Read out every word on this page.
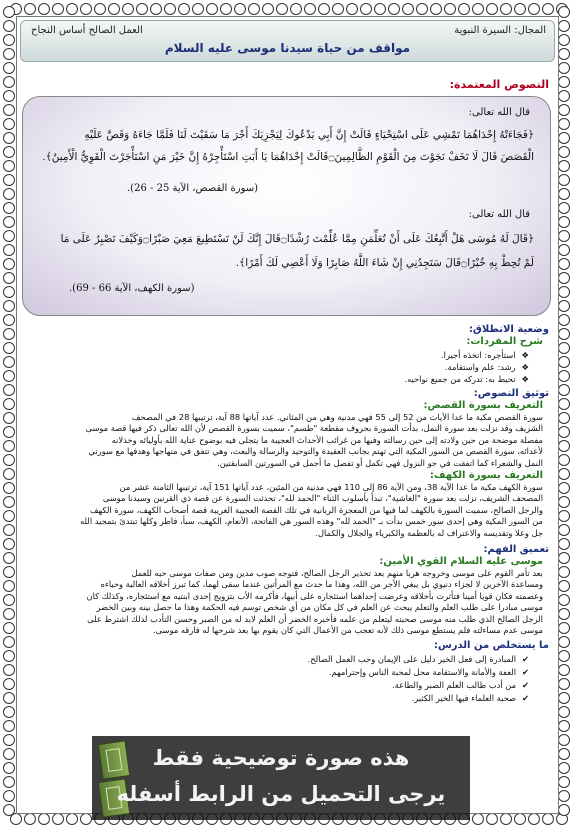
المجال: السيرة النبوية
العمل الصالح أساس النجاح
مواقف من حياة سيدنا موسى عليه السلام
النصوص المعتمدة:
قال الله تعالى:
﴿فَجَاءَتْهُ إِحْدَاهُمَا تَمْشِي عَلَى اسْتِحْيَاءٍ قَالَتْ إِنَّ أَبِي يَدْعُوكَ لِيَجْزِيَكَ أَجْرَ مَا سَقَيْتَ لَنَا فَلَمَّا جَاءَهُ وَقَصَّ عَلَيْهِ
الْقَصَصَ قَالَ لَا تَخَفْ نَجَوْتَ مِنَ الْقَوْمِ الظَّالِمِينَ۝قَالَتْ إِحْدَاهُمَا يَا أَبَتِ اسْتَأْجِرْهُ إِنَّ خَيْرَ مَنِ اسْتَأْجَرْتَ الْقَوِيُّ الْأَمِينُ﴾.
(سورة القصص، الآية 25 - 26).
قال الله تعالى:
﴿قَالَ لَهُ مُوسَى هَلْ أَتَّبِعُكَ عَلَى أَنْ تُعَلِّمَنِ مِمَّا عُلِّمْتَ رُشْدًا۝قَالَ إِنَّكَ لَنْ تَسْتَطِيعَ مَعِيَ صَبْرًا۝وَكَيْفَ تَصْبِرُ عَلَى مَا
لَمْ تُحِطْ بِهِ خُبْرًا۝قَالَ سَتَجِدُنِي إِنْ شَاءَ اللَّهُ صَابِرًا وَلَا أَعْصِي لَكَ أَمْرًا﴾.
(سورة الكهف، الآية 66 - 69).
وضعية الانطلاق:
شرح المفردات:
❖استأجره: اتخذه أجيرا.
❖رشد: علم واستقامة.
❖تحيط به: تدركه من جميع نواحيه.
توثيق النصوص:
التعريف بسورة القصص:
سورة القصص مكية ما عدا الآيات من 52 إلى 55 فهي مدنية وهي من المثاني. عدد آياتها 88 آية، ترتيبها 28 في المصحف
الشريف وقد نزلت بعد سورة النمل، بدأت السورة بحروف مقطعة "طسم"، سميت بسورة القصص لأن الله تعالى ذكر فيها قصة موسى
مفصلة موضحة من حين ولادته إلى حين رسالته وفيها من غرائب الأحداث العجيبة ما يتجلى فيه بوضوح عناية الله بأوليائه وخذلانه
لأعدائه، سورة القصص من السور المكية التي تهتم بجانب العقيدة والتوحيد والرسالة والبعث، وهي تتفق في منهاجها وهدفها مع سورتي
النمل والشعراء كما اتفقت في جو النزول فهي تكمل أو تفصل ما أجمل في السورتين السابقتين.
التعريف بسورة الكهف:
سورة الكهف مكية ما عدا الآية 38، ومن الآية 86 إلى 110 فهي مدنية من المئين، عدد آياتها 151 آية، ترتيبها الثامنة عشر من
المصحف الشريف، نزلت بعد سورة "الغاشية"، تبدأ بأسلوب الثناء "الحمد لله"، تحدثت السورة عن قصة ذي القرنين وسيدنا موسى
والرجل الصالح، سميت السورة بالكهف لما فيها من المعجزة الربانية في تلك القصة العجيبة الغريبة قصة أصحاب الكهف، سورة الكهف
من السور المكية وهي إحدى سور خمس بدأت بـ "الحمد لله" وهذه السور هي الفاتحة، الأنعام، الكهف، سبأ، فاطر وكلها تبتدئ بتمجيد الله
جل وعلا وتقديسه والاعتراف له بالعظمة والكبرياء والجلال والكمال.
تعميق الفهم:
موسى عليه السلام القوي الأمين:
بعد تأمر القوم على موسى وخروجه هربا منهم بعد تحذير الرجل الصالح، فتوجه صوب مدين ومن صفات موسى حبه للعمل
ومساعدة الآخرين لا لجزاء دنيوي بل يبغي الأجر من الله، وهذا ما حدث مع المرأتين عندما سقى لهما، كما تبرز أخلاقه العالية وحياءه
وعصمته فكان قويا أمينا فتأثرت بأخلاقه وعرضت إحداهما استئجاره على أبيها، فأكرمه الأب بتزويج إحدى ابنتيه مع استئجاره، وكذلك كان
موسى مبادرا على طلب العلم والتعلم يبحث عن العلم في كل مكان من أي شخص توسم فيه الحكمة وهذا ما حصل بينه وبين الخضر
الرجل الصالح الذي طلب منه موسى صحبته ليتعلم من علمه فأخبره الخضر أن العلم لابد له من الصبر وحسن التأدب لذلك اشترط على
موسى عدم مساءلته فلم يستطع موسى ذلك لأنه تعجب من الأعمال التي كان يقوم بها بعد شرحها له فارقه موسى.
ما يستخلص من الدرس:
✔المبادرة إلى فعل الخير دليل على الإيمان وحب العمل الصالح.
✔العفة والأمانة والاستقامة محل لمحبة الناس وإحترامهم.
✔من أدب طالب العلم الصبر والطاعة.
✔صحبة العلماء فيها الخير الكثير.
هذه صورة توضيحية فقط
يرجى التحميل من الرابط أسفله
